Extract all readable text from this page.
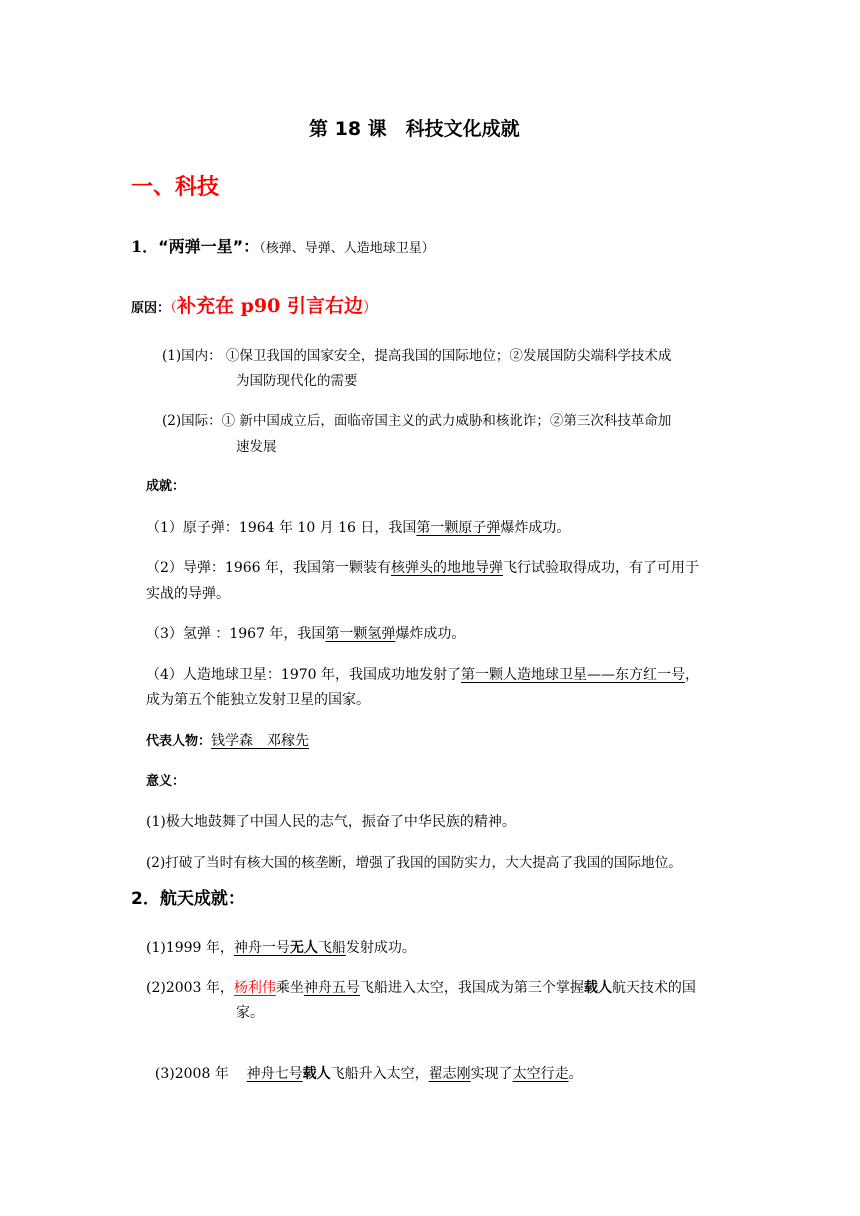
第 18 课　科技文化成就
一、科技
1．“两弹一星”：（核弹、导弹、人造地球卫星）
原因：（补充在 p90 引言右边）
(1)国内： ①保卫我国的国家安全，提高我国的国际地位；②发展国防尖端科学技术成
为国防现代化的需要
(2)国际：① 新中国成立后，面临帝国主义的武力威胁和核讹诈；②第三次科技革命加
速发展
成就：
（1）原子弹：1964 年 10 月 16 日，我国第一颗原子弹爆炸成功。
（2）导弹：1966 年，我国第一颗装有核弹头的地地导弹飞行试验取得成功，有了可用于
实战的导弹。
（3）氢弹 ：1967 年，我国第一颗氢弹爆炸成功。
（4）人造地球卫星：1970 年，我国成功地发射了第一颗人造地球卫星——东方红一号，
成为第五个能独立发射卫星的国家。
代表人物：钱学森　邓稼先
意义：
(1)极大地鼓舞了中国人民的志气，振奋了中华民族的精神。
(2)打破了当时有核大国的核垄断，增强了我国的国防实力，大大提高了我国的国际地位。
2．航天成就：
(1)1999 年，神舟一号无人飞船发射成功。
(2)2003 年，杨利伟乘坐神舟五号飞船进入太空，我国成为第三个掌握载人航天技术的国
家。

(3)2008 年    神舟七号载人飞船升入太空，翟志刚实现了太空行走。
